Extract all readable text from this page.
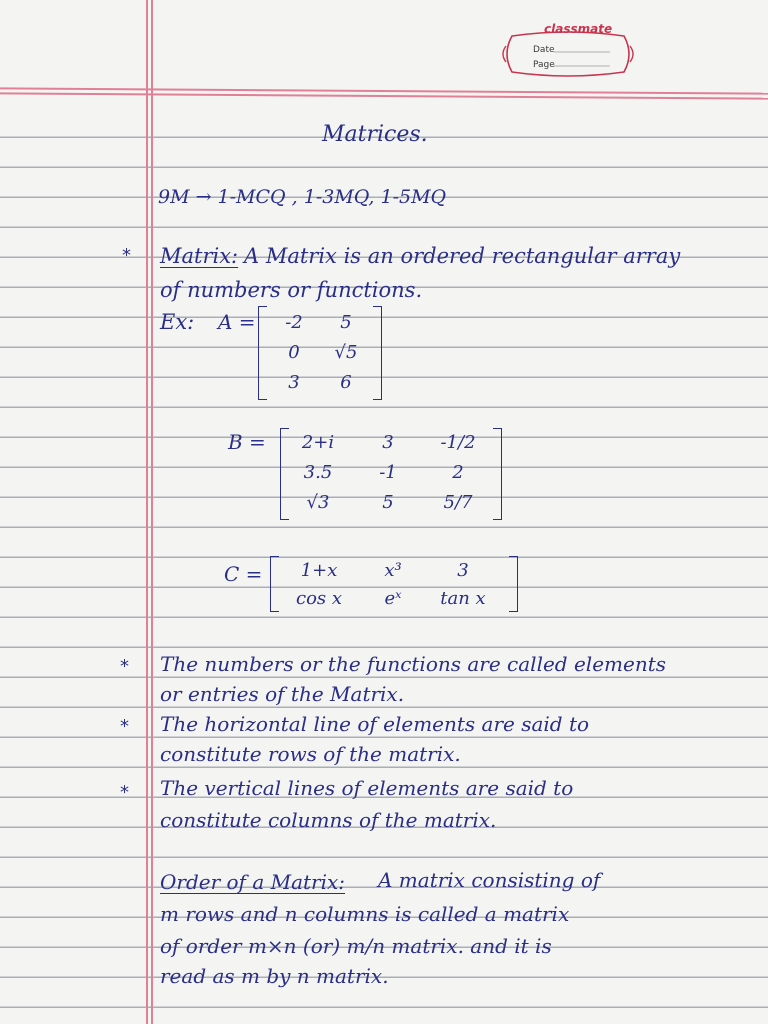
classmate
Date
Page
Matrices.
9M → 1-MCQ , 1-3MQ, 1-5MQ
* Matrix: A Matrix is an ordered rectangular array
of numbers or functions.
Ex: A =	-2	5
0	√5
3	6
B =	2+i	3	-1/2
3.5	-1	2
√3	5	5/7
C =	1+x	x³	3
cos x	eˣ	tan x
* The numbers or the functions are called elements
or entries of the Matrix.
* The horizontal line of elements are said to
constitute rows of the matrix.
* The vertical lines of elements are said to
constitute columns of the matrix.
Order of a Matrix: A matrix consisting of
m rows and n columns is called a matrix
of order m×n (or) m/n matrix. and it is
read as m by n matrix.
